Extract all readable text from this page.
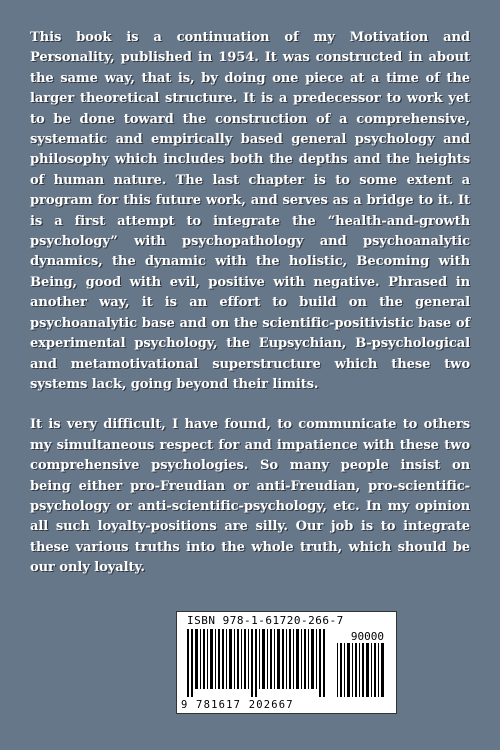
This book is a continuation of my Motivation and Personality, published in 1954. It was constructed in about the same way, that is, by doing one piece at a time of the larger theoretical structure. It is a predecessor to work yet to be done toward the construction of a comprehensive, systematic and empirically based general psychology and philosophy which includes both the depths and the heights of human nature. The last chapter is to some extent a program for this future work, and serves as a bridge to it. It is a first attempt to integrate the “health-and-growth psychology” with psychopathology and psychoanalytic dynamics, the dynamic with the holistic, Becoming with Being, good with evil, positive with negative. Phrased in another way, it is an effort to build on the general psychoanalytic base and on the scientific-positivistic base of experimental psychology, the Eupsychian, B-psychological and metamotivational superstructure which these two systems lack, going beyond their limits.

It is very difficult, I have found, to communicate to others my simultaneous respect for and impatience with these two comprehensive psychologies. So many people insist on being either pro-Freudian or anti-Freudian, pro-scientific-psychology or anti-scientific-psychology, etc. In my opinion all such loyalty-positions are silly. Our job is to integrate these various truths into the whole truth, which should be our only loyalty.

ISBN 978-1-61720-266-7
90000
9 781617 202667
